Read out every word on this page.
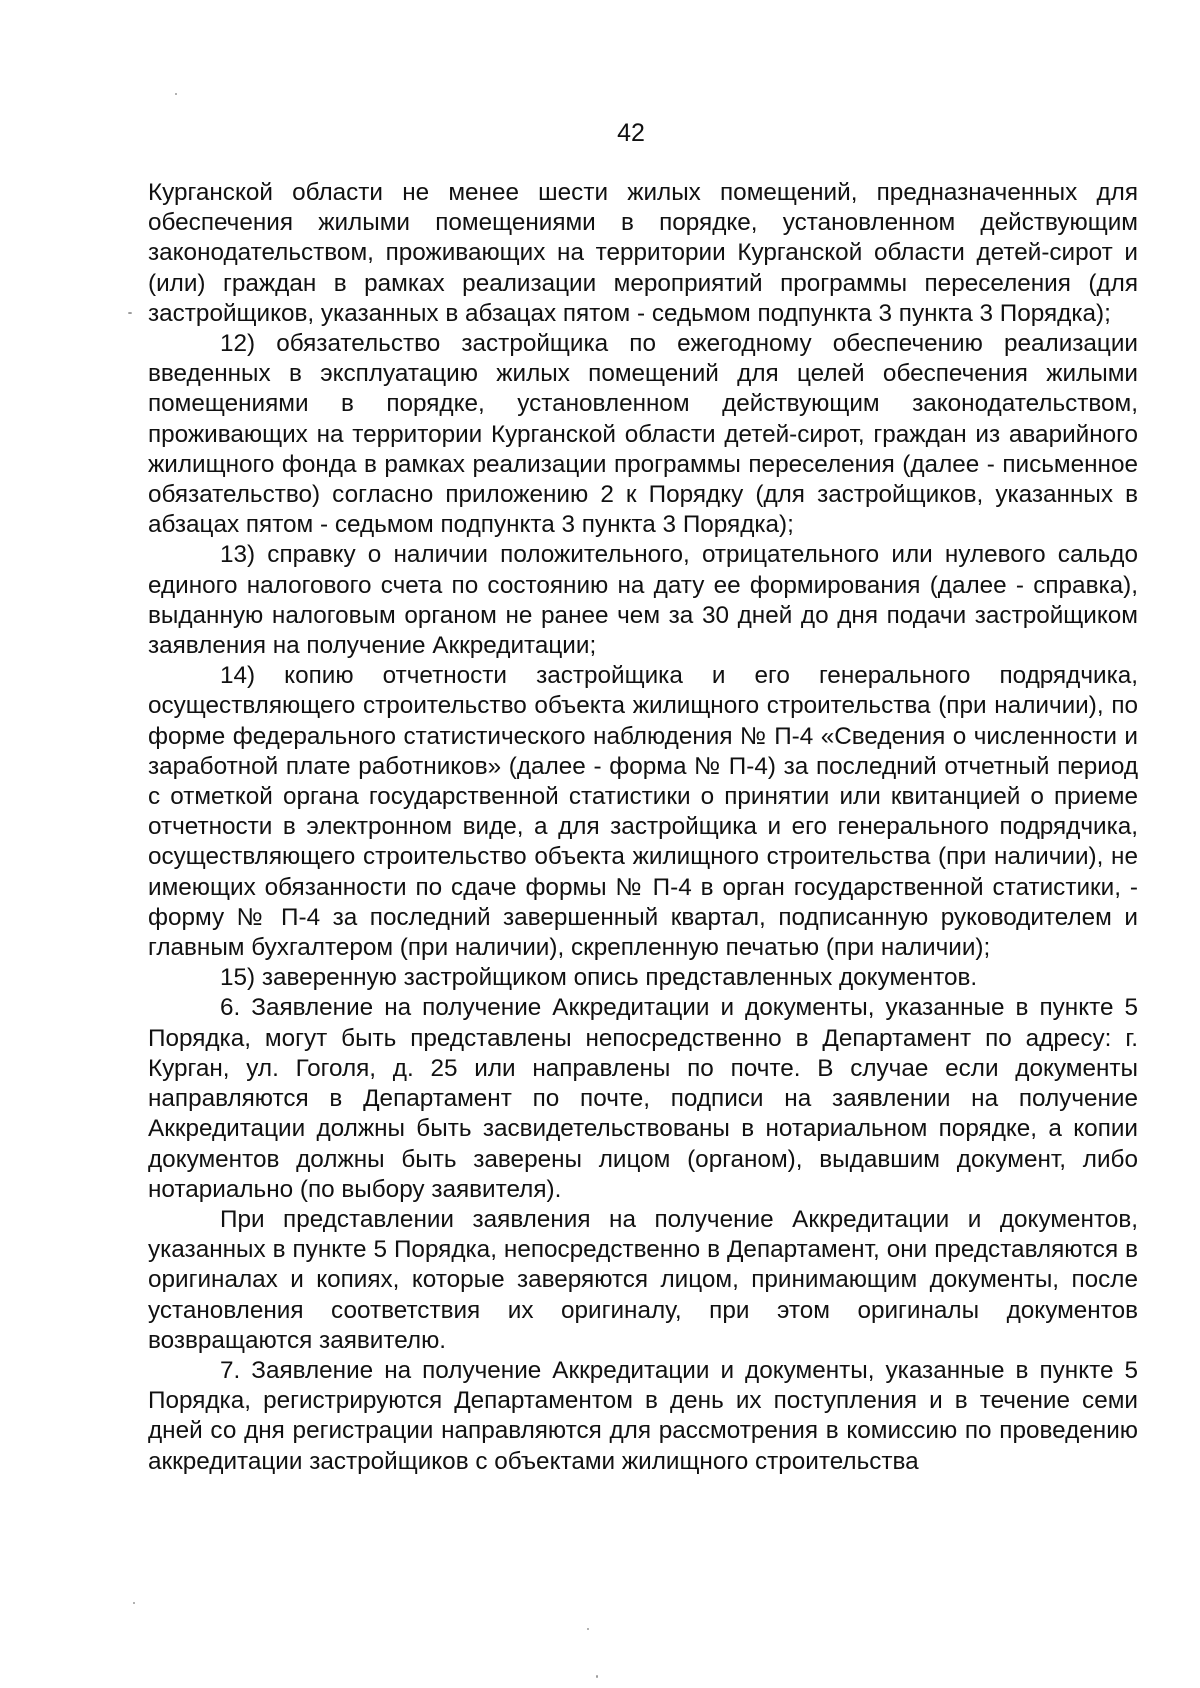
42

Курганской области не менее шести жилых помещений, предназначенных для обеспечения жилыми помещениями в порядке, установленном действующим законодательством, проживающих на территории Курганской области детей-сирот и (или) граждан в рамках реализации мероприятий программы переселения (для застройщиков, указанных в абзацах пятом - седьмом подпункта 3 пункта 3 Порядка);

12) обязательство застройщика по ежегодному обеспечению реализации введенных в эксплуатацию жилых помещений для целей обеспечения жилыми помещениями в порядке, установленном действующим законодательством, проживающих на территории Курганской области детей-сирот, граждан из аварийного жилищного фонда в рамках реализации программы переселения (далее - письменное обязательство) согласно приложению 2 к Порядку (для застройщиков, указанных в абзацах пятом - седьмом подпункта 3 пункта 3 Порядка);

13) справку о наличии положительного, отрицательного или нулевого сальдо единого налогового счета по состоянию на дату ее формирования (далее - справка), выданную налоговым органом не ранее чем за 30 дней до дня подачи застройщиком заявления на получение Аккредитации;

14) копию отчетности застройщика и его генерального подрядчика, осуществляющего строительство объекта жилищного строительства (при наличии), по форме федерального статистического наблюдения № П-4 «Сведения о численности и заработной плате работников» (далее - форма № П-4) за последний отчетный период с отметкой органа государственной статистики о принятии или квитанцией о приеме отчетности в электронном виде, а для застройщика и его генерального подрядчика, осуществляющего строительство объекта жилищного строительства (при наличии), не имеющих обязанности по сдаче формы № П-4 в орган государственной статистики, - форму № П-4 за последний завершенный квартал, подписанную руководителем и главным бухгалтером (при наличии), скрепленную печатью (при наличии);

15) заверенную застройщиком опись представленных документов.

6. Заявление на получение Аккредитации и документы, указанные в пункте 5 Порядка, могут быть представлены непосредственно в Департамент по адресу: г. Курган, ул. Гоголя, д. 25 или направлены по почте. В случае если документы направляются в Департамент по почте, подписи на заявлении на получение Аккредитации должны быть засвидетельствованы в нотариальном порядке, а копии документов должны быть заверены лицом (органом), выдавшим документ, либо нотариально (по выбору заявителя).

При представлении заявления на получение Аккредитации и документов, указанных в пункте 5 Порядка, непосредственно в Департамент, они представляются в оригиналах и копиях, которые заверяются лицом, принимающим документы, после установления соответствия их оригиналу, при этом оригиналы документов возвращаются заявителю.

7. Заявление на получение Аккредитации и документы, указанные в пункте 5 Порядка, регистрируются Департаментом в день их поступления и в течение семи дней со дня регистрации направляются для рассмотрения в комиссию по проведению аккредитации застройщиков с объектами жилищного строительства
